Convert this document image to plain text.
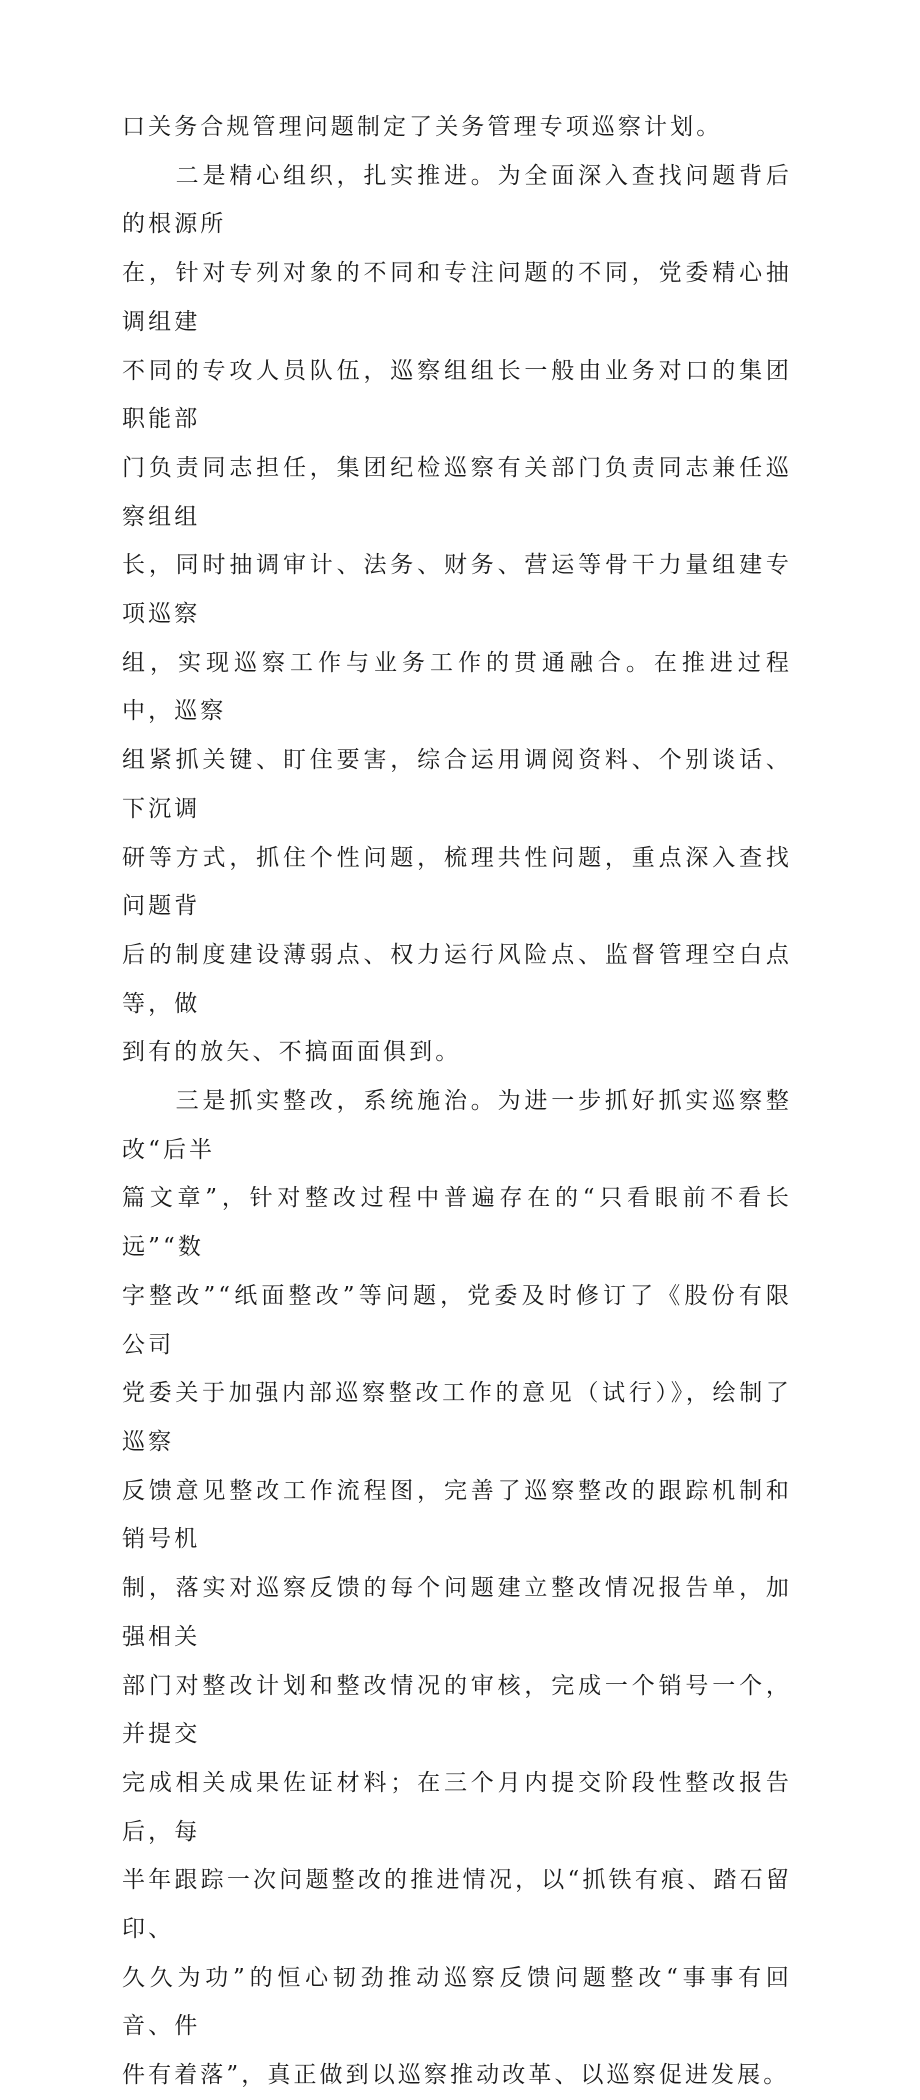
口关务合规管理问题制定了关务管理专项巡察计划。

　　二是精心组织，扎实推进。为全面深入查找问题背后的根源所

在，针对专列对象的不同和专注问题的不同，党委精心抽调组建

不同的专攻人员队伍，巡察组组长一般由业务对口的集团职能部

门负责同志担任，集团纪检巡察有关部门负责同志兼任巡察组组

长，同时抽调审计、法务、财务、营运等骨干力量组建专项巡察

组，实现巡察工作与业务工作的贯通融合。在推进过程中，巡察

组紧抓关键、盯住要害，综合运用调阅资料、个别谈话、下沉调

研等方式，抓住个性问题，梳理共性问题，重点深入查找问题背

后的制度建设薄弱点、权力运行风险点、监督管理空白点等，做

到有的放矢、不搞面面俱到。

　　三是抓实整改，系统施治。为进一步抓好抓实巡察整改“后半

篇文章”，针对整改过程中普遍存在的“只看眼前不看长远”“数

字整改”“纸面整改”等问题，党委及时修订了《股份有限公司

党委关于加强内部巡察整改工作的意见（试行）》，绘制了巡察

反馈意见整改工作流程图，完善了巡察整改的跟踪机制和销号机

制，落实对巡察反馈的每个问题建立整改情况报告单，加强相关

部门对整改计划和整改情况的审核，完成一个销号一个，并提交

完成相关成果佐证材料；在三个月内提交阶段性整改报告后，每

半年跟踪一次问题整改的推进情况，以“抓铁有痕、踏石留印、

久久为功”的恒心韧劲推动巡察反馈问题整改“事事有回音、件

件有着落”，真正做到以巡察推动改革、以巡察促进发展。
